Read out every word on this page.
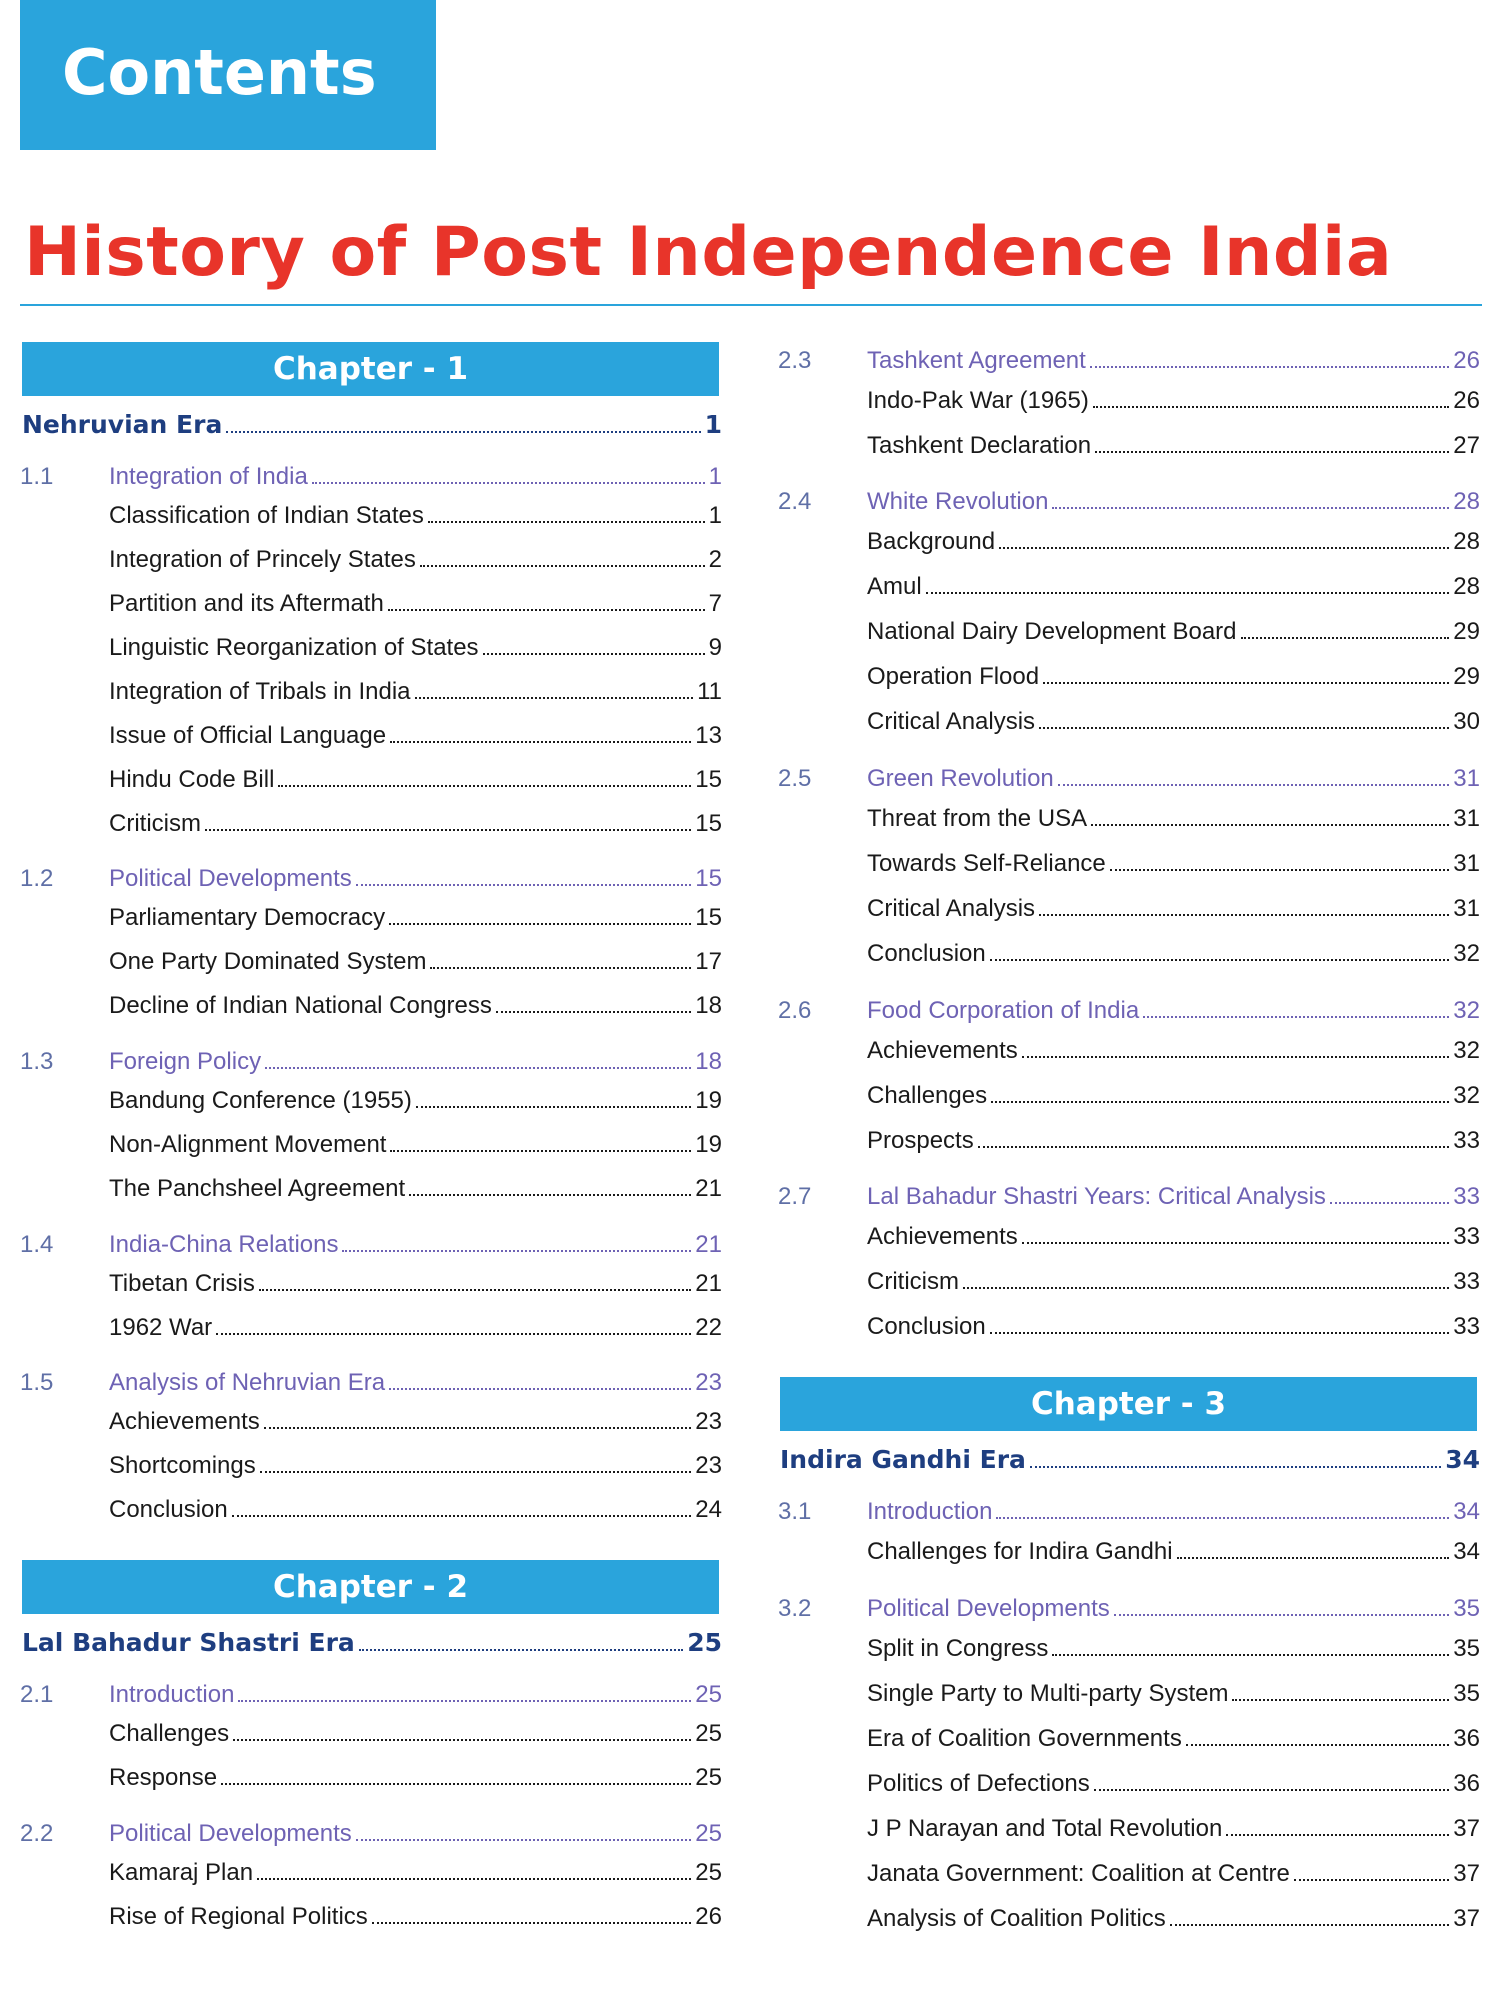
Contents
History of Post Independence India
Chapter - 1
Nehruvian Era	1
1.1	Integration of India	1
Classification of Indian States	1
Integration of Princely States	2
Partition and its Aftermath	7
Linguistic Reorganization of States	9
Integration of Tribals in India	11
Issue of Official Language	13
Hindu Code Bill	15
Criticism	15
1.2	Political Developments	15
Parliamentary Democracy	15
One Party Dominated System	17
Decline of Indian National Congress	18
1.3	Foreign Policy	18
Bandung Conference (1955)	19
Non-Alignment Movement	19
The Panchsheel Agreement	21
1.4	India-China Relations	21
Tibetan Crisis	21
1962 War	22
1.5	Analysis of Nehruvian Era	23
Achievements	23
Shortcomings	23
Conclusion	24
Chapter - 2
Lal Bahadur Shastri Era	25
2.1	Introduction	25
Challenges	25
Response	25
2.2	Political Developments	25
Kamaraj Plan	25
Rise of Regional Politics	26
2.3	Tashkent Agreement	26
Indo-Pak War (1965)	26
Tashkent Declaration	27
2.4	White Revolution	28
Background	28
Amul	28
National Dairy Development Board	29
Operation Flood	29
Critical Analysis	30
2.5	Green Revolution	31
Threat from the USA	31
Towards Self-Reliance	31
Critical Analysis	31
Conclusion	32
2.6	Food Corporation of India	32
Achievements	32
Challenges	32
Prospects	33
2.7	Lal Bahadur Shastri Years: Critical Analysis	33
Achievements	33
Criticism	33
Conclusion	33
Chapter - 3
Indira Gandhi Era	34
3.1	Introduction	34
Challenges for Indira Gandhi	34
3.2	Political Developments	35
Split in Congress	35
Single Party to Multi-party System	35
Era of Coalition Governments	36
Politics of Defections	36
J P Narayan and Total Revolution	37
Janata Government: Coalition at Centre	37
Analysis of Coalition Politics	37
